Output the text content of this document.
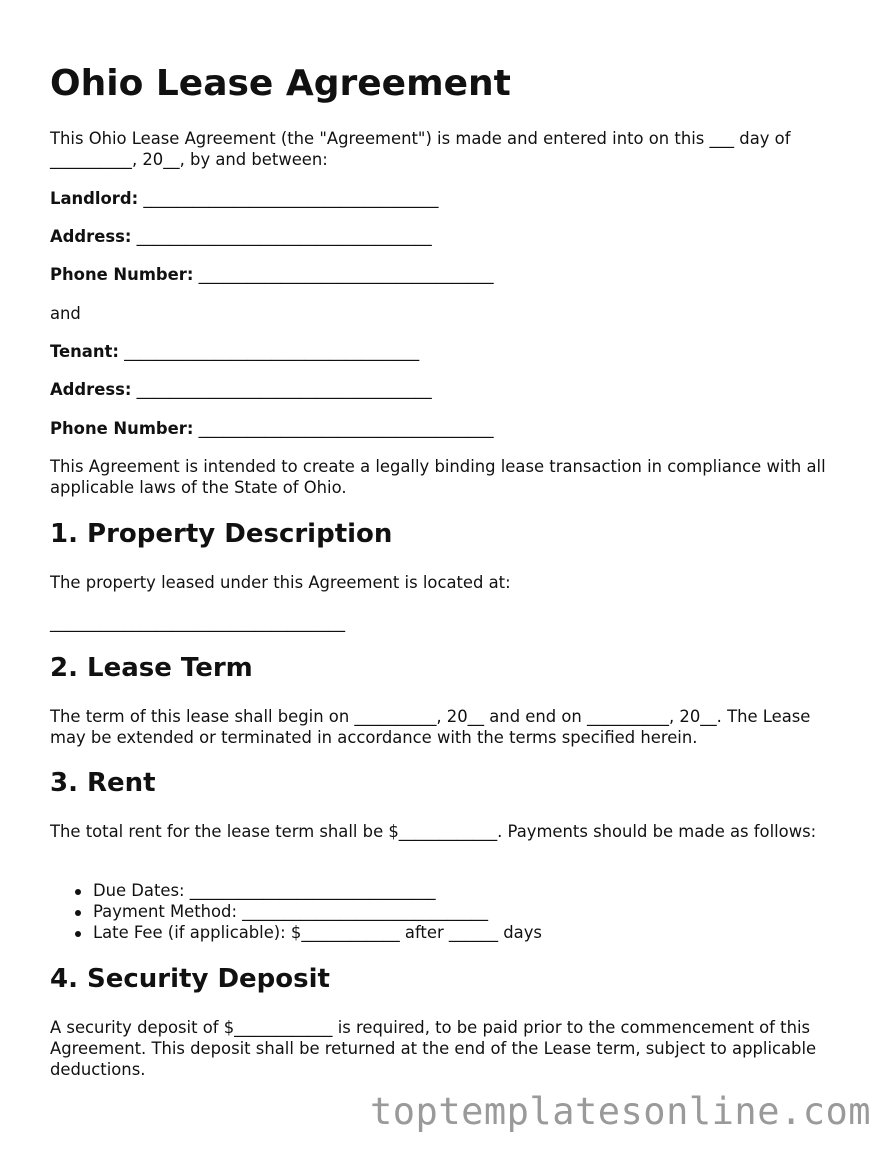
Ohio Lease Agreement

This Ohio Lease Agreement (the "Agreement") is made and entered into on this ___ day of __________, 20__, by and between:

Landlord: ____________________________________
Address: ____________________________________
Phone Number: ____________________________________
and
Tenant: ____________________________________
Address: ____________________________________
Phone Number: ____________________________________

This Agreement is intended to create a legally binding lease transaction in compliance with all applicable laws of the State of Ohio.

1. Property Description

The property leased under this Agreement is located at:

____________________________________

2. Lease Term

The term of this lease shall begin on __________, 20__ and end on __________, 20__. The Lease may be extended or terminated in accordance with the terms specified herein.

3. Rent

The total rent for the lease term shall be $____________. Payments should be made as follows:

Due Dates: ______________________________
Payment Method: ______________________________
Late Fee (if applicable): $____________ after ______ days
4. Security Deposit

A security deposit of $____________ is required, to be paid prior to the commencement of this Agreement. This deposit shall be returned at the end of the Lease term, subject to applicable deductions.

toptemplatesonline.com
